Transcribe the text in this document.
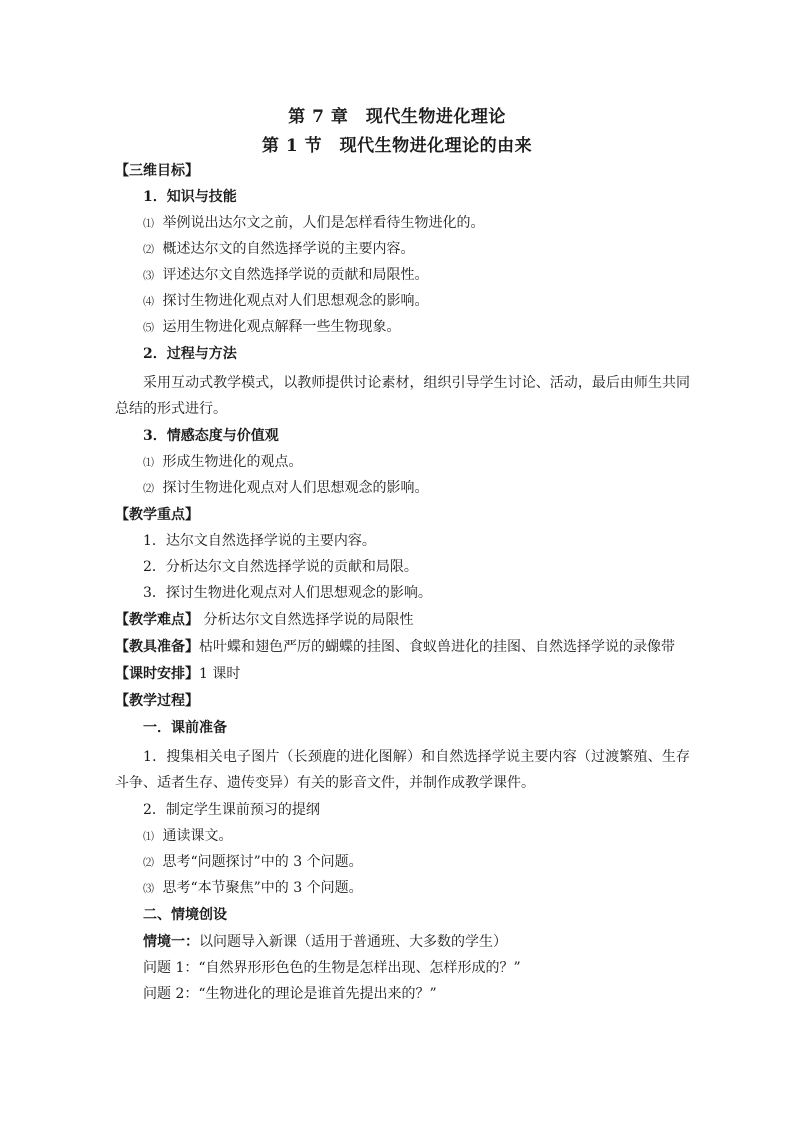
第 7 章　现代生物进化理论
第 1 节　现代生物进化理论的由来
【三维目标】
1．知识与技能
⑴ 举例说出达尔文之前，人们是怎样看待生物进化的。
⑵ 概述达尔文的自然选择学说的主要内容。
⑶ 评述达尔文自然选择学说的贡献和局限性。
⑷ 探讨生物进化观点对人们思想观念的影响。
⑸ 运用生物进化观点解释一些生物现象。
2．过程与方法
采用互动式教学模式，以教师提供讨论素材，组织引导学生讨论、活动，最后由师生共同总结的形式进行。
3．情感态度与价值观
⑴ 形成生物进化的观点。
⑵ 探讨生物进化观点对人们思想观念的影响。
【教学重点】
1．达尔文自然选择学说的主要内容。
2．分析达尔文自然选择学说的贡献和局限。
3．探讨生物进化观点对人们思想观念的影响。
【教学难点】 分析达尔文自然选择学说的局限性
【教具准备】枯叶蝶和翅色严厉的蝴蝶的挂图、食蚁兽进化的挂图、自然选择学说的录像带
【课时安排】1 课时
【教学过程】
一．课前准备
1．搜集相关电子图片（长颈鹿的进化图解）和自然选择学说主要内容（过渡繁殖、生存斗争、适者生存、遗传变异）有关的影音文件，并制作成教学课件。
2．制定学生课前预习的提纲
⑴ 通读课文。
⑵ 思考“问题探讨”中的 3 个问题。
⑶ 思考“本节聚焦”中的 3 个问题。
二、情境创设
情境一：以问题导入新课（适用于普通班、大多数的学生）
问题 1：“自然界形形色色的生物是怎样出现、怎样形成的？”
问题 2：“生物进化的理论是谁首先提出来的？”
